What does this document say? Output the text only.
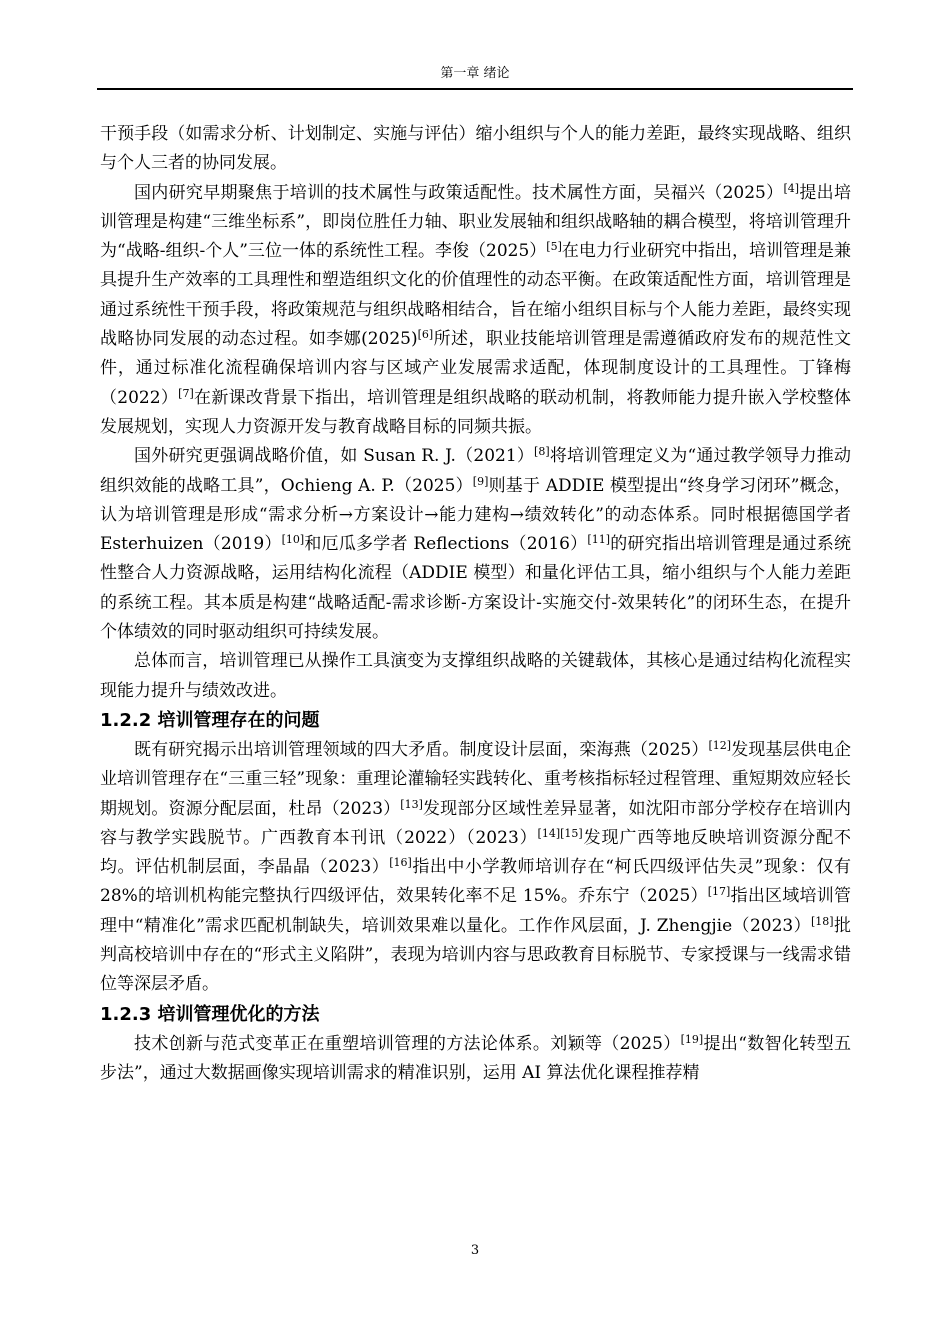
第一章 绪论

干预手段（如需求分析、计划制定、实施与评估）缩小组织与个人的能力差距，最终实现战略、组织与个人三者的协同发展。

国内研究早期聚焦于培训的技术属性与政策适配性。技术属性方面，吴福兴（2025）[4]提出培训管理是构建“三维坐标系”，即岗位胜任力轴、职业发展轴和组织战略轴的耦合模型，将培训管理升为“战略-组织-个人”三位一体的系统性工程。李俊（2025）[5]在电力行业研究中指出，培训管理是兼具提升生产效率的工具理性和塑造组织文化的价值理性的动态平衡。在政策适配性方面，培训管理是通过系统性干预手段，将政策规范与组织战略相结合，旨在缩小组织目标与个人能力差距，最终实现战略协同发展的动态过程。如李娜(2025)[6]所述，职业技能培训管理是需遵循政府发布的规范性文件，通过标准化流程确保培训内容与区域产业发展需求适配，体现制度设计的工具理性。丁锋梅（2022）[7]在新课改背景下指出，培训管理是组织战略的联动机制，将教师能力提升嵌入学校整体发展规划，实现人力资源开发与教育战略目标的同频共振。

国外研究更强调战略价值，如 Susan R. J.（2021）[8]将培训管理定义为“通过教学领导力推动组织效能的战略工具”，Ochieng A. P.（2025）[9]则基于 ADDIE 模型提出“终身学习闭环”概念，认为培训管理是形成“需求分析→方案设计→能力建构→绩效转化”的动态体系。同时根据德国学者 Esterhuizen（2019）[10]和厄瓜多学者 Reflections（2016）[11]的研究指出培训管理是通过系统性整合人力资源战略，运用结构化流程（ADDIE 模型）和量化评估工具，缩小组织与个人能力差距的系统工程。其本质是构建“战略适配-需求诊断-方案设计-实施交付-效果转化”的闭环生态，在提升个体绩效的同时驱动组织可持续发展。

总体而言，培训管理已从操作工具演变为支撑组织战略的关键载体，其核心是通过结构化流程实现能力提升与绩效改进。

1.2.2 培训管理存在的问题

既有研究揭示出培训管理领域的四大矛盾。制度设计层面，栾海燕（2025）[12]发现基层供电企业培训管理存在“三重三轻”现象：重理论灌输轻实践转化、重考核指标轻过程管理、重短期效应轻长期规划。资源分配层面，杜昂（2023）[13]发现部分区域性差异显著，如沈阳市部分学校存在培训内容与教学实践脱节。广西教育本刊讯（2022）（2023）[14][15]发现广西等地反映培训资源分配不均。评估机制层面，李晶晶（2023）[16]指出中小学教师培训存在“柯氏四级评估失灵”现象：仅有 28%的培训机构能完整执行四级评估，效果转化率不足 15%。乔东宁（2025）[17]指出区域培训管理中“精准化”需求匹配机制缺失，培训效果难以量化。工作作风层面，J. Zhengjie（2023）[18]批判高校培训中存在的“形式主义陷阱”，表现为培训内容与思政教育目标脱节、专家授课与一线需求错位等深层矛盾。

1.2.3 培训管理优化的方法

技术创新与范式变革正在重塑培训管理的方法论体系。刘颖等（2025）[19]提出“数智化转型五步法”，通过大数据画像实现培训需求的精准识别，运用 AI 算法优化课程推荐精

3
